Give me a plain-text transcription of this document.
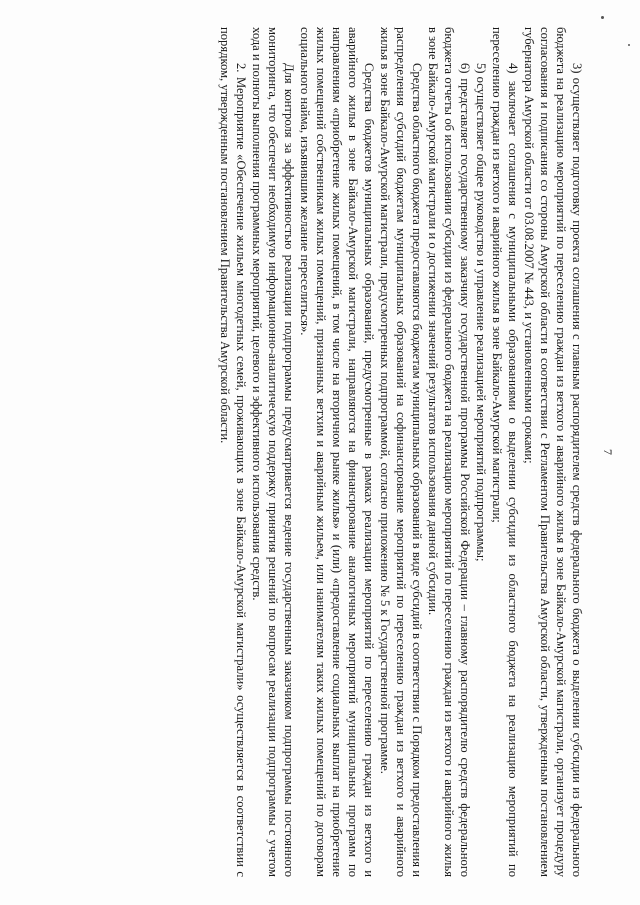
7

3) осуществляет подготовку проекта соглашения с главным распорядителем средств федерального бюджета о выделении субсидии из федерального бюджета на реализацию мероприятий по переселению граждан из ветхого и аварийного жилья в зоне Байкало-Амурской магистрали, организует процедуру согласования и подписания со стороны Амурской области в соответствии с Регламентом Правительства Амурской области, утвержденным постановлением губернатора Амурской области от 03.08.2007 № 443, и установленными сроками;

4) заключает соглашения с муниципальными образованиями о выделении субсидии из областного бюджета на реализацию мероприятий по переселению граждан из ветхого и аварийного жилья в зоне Байкало-Амурской магистрали;

5) осуществляет общее руководство и управление реализацией мероприятий подпрограммы;

6) представляет государственному заказчику государственной программы Российской Федерации – главному распорядителю средств федерального бюджета отчеты об использовании субсидии из федерального бюджета на реализацию мероприятий по переселению граждан из ветхого и аварийного жилья в зоне Байкало-Амурской магистрали и о достижении значений результатов использования данной субсидии.

Средства областного бюджета предоставляются бюджетам муниципальных образований в виде субсидий в соответствии с Порядком предоставления и распределения субсидий бюджетам муниципальных образований на софинансирование мероприятий по переселению граждан из ветхого и аварийного жилья в зоне Байкало-Амурской магистрали, предусмотренных подпрограммой, согласно приложению № 5 к Государственной программе.

Средства бюджетов муниципальных образований, предусмотренные в рамках реализации мероприятий по переселению граждан из ветхого и аварийного жилья в зоне Байкало-Амурской магистрали, направляются на финансирование аналогичных мероприятий муниципальных программ по направлениям «приобретение жилых помещений, в том числе на вторичном рынке жилья» и (или) «предоставление социальных выплат на приобретение жилых помещений собственникам жилых помещений, признанных ветхим и аварийным жильем, или нанимателям таких жилых помещений по договорам социального найма, изъявившим желание переселиться».

Для контроля за эффективностью реализации подпрограммы предусматривается ведение государственным заказчиком подпрограммы постоянного мониторинга, что обеспечит необходимую информационно-аналитическую поддержку принятия решений по вопросам реализации подпрограммы с учетом хода и полноты выполнения программных мероприятий, целевого и эффективного использования средств.

2. Мероприятие «Обеспечение жильем многодетных семей, проживающих в зоне Байкало-Амурской магистрали» осуществляется в соответствии с порядком, утвержденным постановлением Правительства Амурской области.
